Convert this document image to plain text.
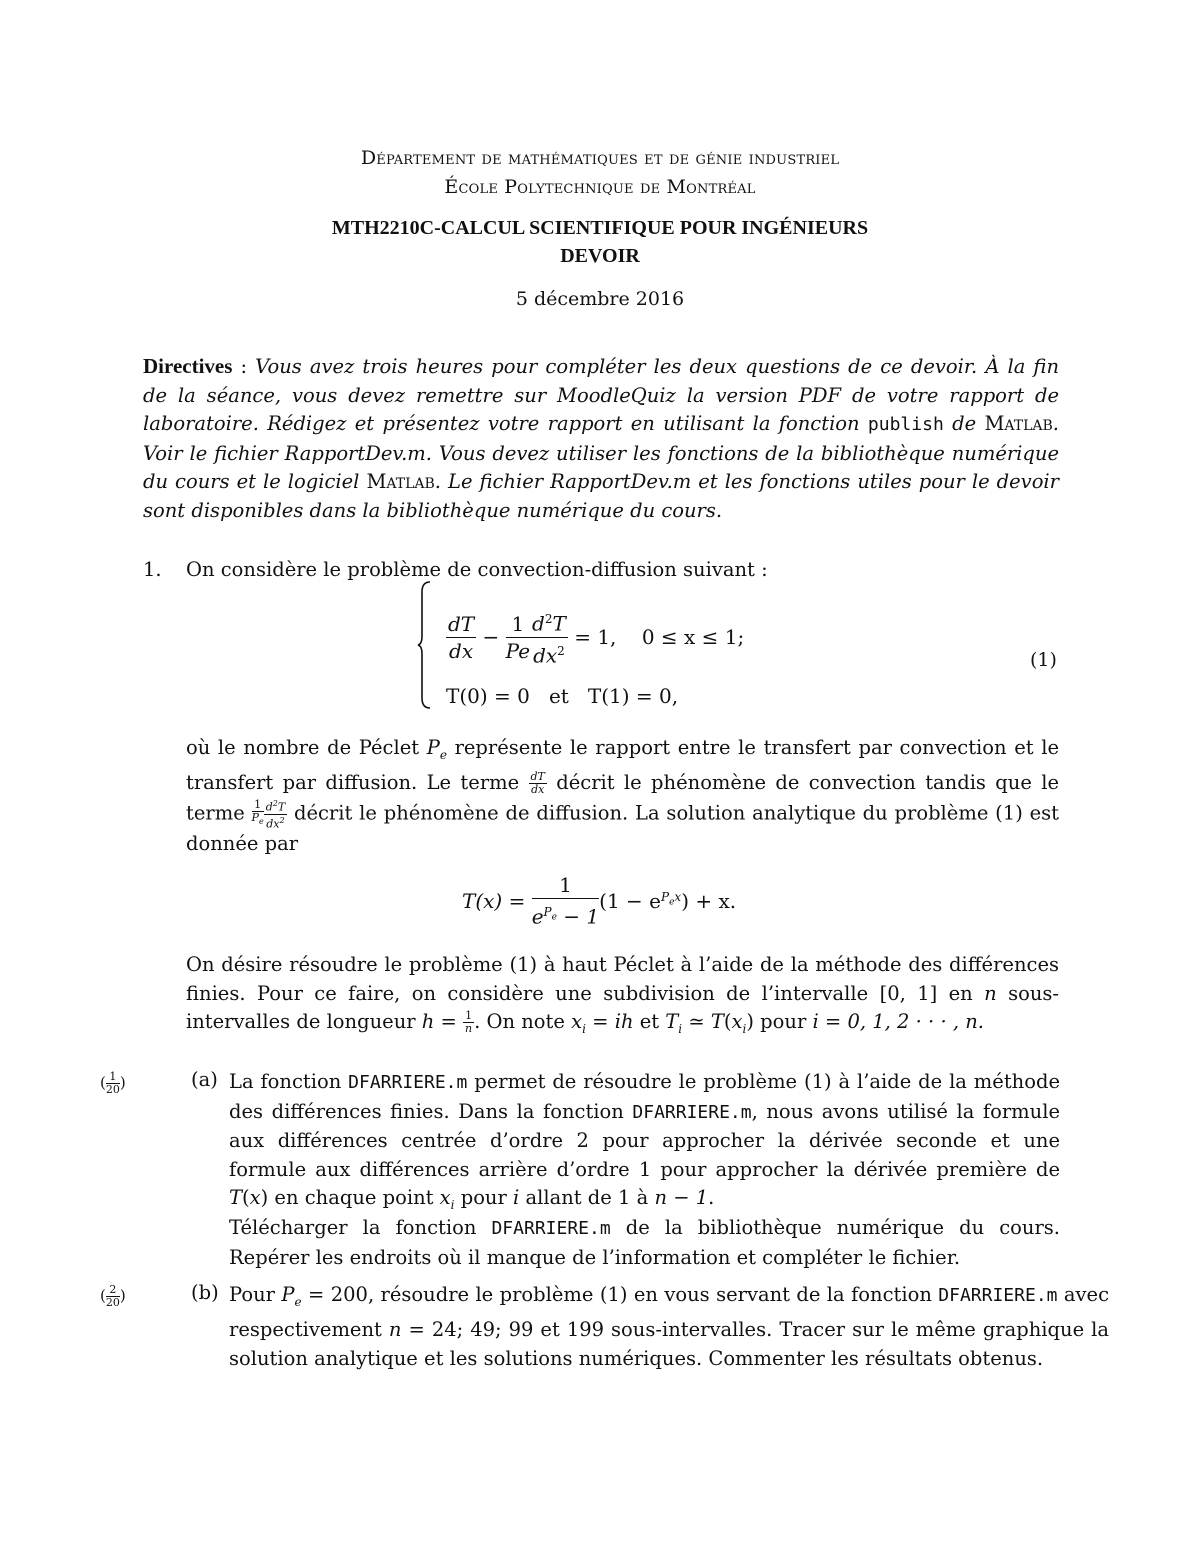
Département de mathématiques et de génie industriel
École Polytechnique de Montréal
MTH2210C-CALCUL SCIENTIFIQUE POUR INGÉNIEURS
DEVOIR
5 décembre 2016
Directives : Vous avez trois heures pour compléter les deux questions de ce devoir. À la fin de la séance, vous devez remettre sur MoodleQuiz la version PDF de votre rapport de laboratoire. Rédigez et présentez votre rapport en utilisant la fonction publish de Matlab. Voir le fichier RapportDev.m. Vous devez utiliser les fonctions de la bibliothèque numérique du cours et le logiciel Matlab. Le fichier RapportDev.m et les fonctions utiles pour le devoir sont disponibles dans la bibliothèque numérique du cours.
1. On considère le problème de convection-diffusion suivant :
$\frac{dT}{dx} - \frac{1}{Pe} \frac{d^2T}{dx^2} = 1$,    0 ≤ x ≤ 1;
T(0) = 0   et   T(1) = 0,
(1)
où le nombre de Péclet $P_e$ représente le rapport entre le transfert par convection et le transfert par diffusion. Le terme $\frac{dT}{dx}$ décrit le phénomène de convection tandis que le terme $\frac{1}{P_e} \frac{d^2T}{dx^2}$ décrit le phénomène de diffusion. La solution analytique du problème (1) est donnée par
$T(x) = \frac{1}{e^{P_e} - 1} (1 - e^{P_ex}) + x$.
On désire résoudre le problème (1) à haut Péclet à l’aide de la méthode des différences finies. Pour ce faire, on considère une subdivision de l’intervalle [0, 1] en n sous-intervalles de longueur $h = \frac{1}{n}$ . On note $x_i$ = ih et $T_i$ ≃ $T(x_i)$ pour i = 0, 1, 2 · · · , n.
( $\frac{1}{20}$ )	(a) La fonction DFARRIERE.m permet de résoudre le problème (1) à l’aide de la méthode des différences finies. Dans la fonction DFARRIERE.m, nous avons utilisé la formule aux différences centrée d’ordre 2 pour approcher la dérivée seconde et une formule aux différences arrière d’ordre 1 pour approcher la dérivée première de T(x) en chaque point $x_i$ pour i allant de 1 à n − 1.
Télécharger la fonction DFARRIERE.m de la bibliothèque numérique du cours. Repérer les endroits où il manque de l’information et compléter le fichier.
( $\frac{2}{20}$ )	(b) Pour $P_e = 200$, résoudre le problème (1) en vous servant de la fonction DFARRIERE.m avec respectivement n = 24; 49; 99 et 199 sous-intervalles. Tracer sur le même graphique la solution analytique et les solutions numériques. Commenter les résultats obtenus.
